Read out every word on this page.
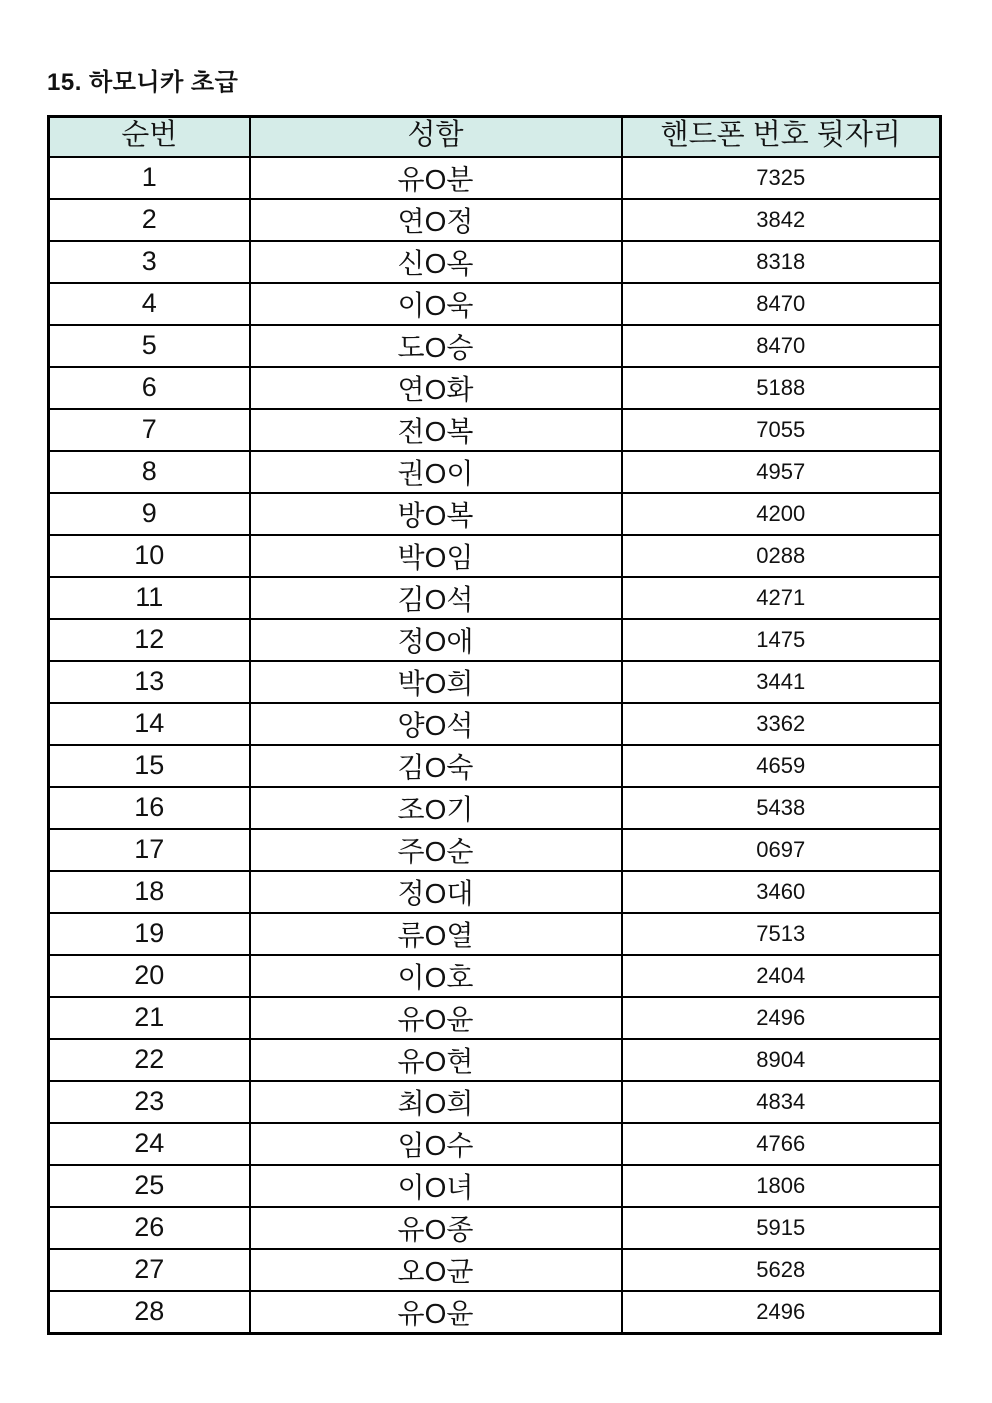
15. 하모니카 초급
순번	성함	핸드폰 번호 뒷자리
1	유O분	7325
2	연O정	3842
3	신O옥	8318
4	이O욱	8470
5	도O승	8470
6	연O화	5188
7	전O복	7055
8	권O이	4957
9	방O복	4200
10	박O임	0288
11	김O석	4271
12	정O애	1475
13	박O희	3441
14	양O석	3362
15	김O숙	4659
16	조O기	5438
17	주O순	0697
18	정O대	3460
19	류O열	7513
20	이O호	2404
21	유O윤	2496
22	유O현	8904
23	최O희	4834
24	임O수	4766
25	이O녀	1806
26	유O종	5915
27	오O균	5628
28	유O윤	2496
